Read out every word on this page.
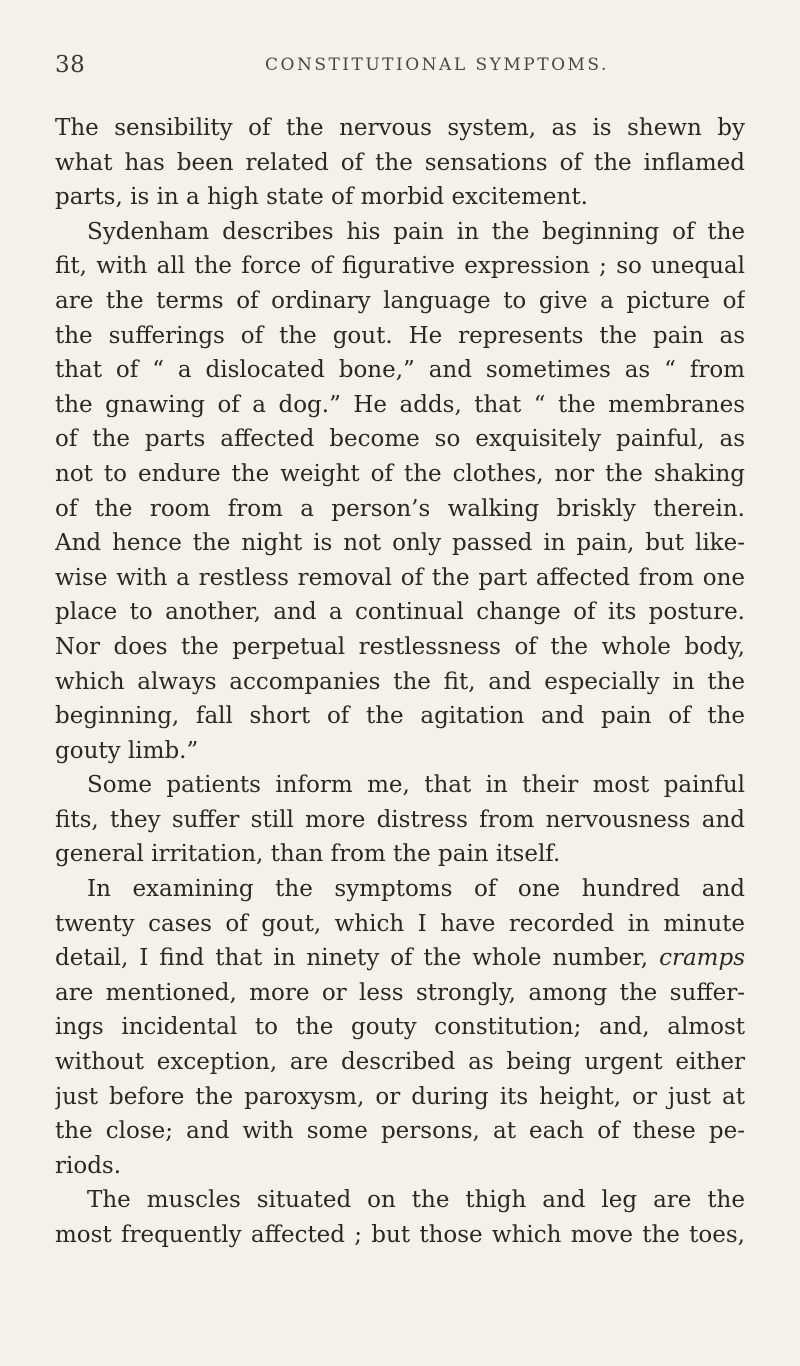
38	CONSTITUTIONAL SYMPTOMS.
The sensibility of the nervous system, as is shewn by
what has been related of the sensations of the inflamed
parts, is in a high state of morbid excitement.
Sydenham describes his pain in the beginning of the
fit, with all the force of figurative expression ; so unequal
are the terms of ordinary language to give a picture of
the sufferings of the gout. He represents the pain as
that of “ a dislocated bone,” and sometimes as “ from
the gnawing of a dog.” He adds, that “ the membranes
of the parts affected become so exquisitely painful, as
not to endure the weight of the clothes, nor the shaking
of the room from a person’s walking briskly therein.
And hence the night is not only passed in pain, but like-
wise with a restless removal of the part affected from one
place to another, and a continual change of its posture.
Nor does the perpetual restlessness of the whole body,
which always accompanies the fit, and especially in the
beginning, fall short of the agitation and pain of the
gouty limb.”
Some patients inform me, that in their most painful
fits, they suffer still more distress from nervousness and
general irritation, than from the pain itself.
In examining the symptoms of one hundred and
twenty cases of gout, which I have recorded in minute
detail, I find that in ninety of the whole number, cramps
are mentioned, more or less strongly, among the suffer-
ings incidental to the gouty constitution; and, almost
without exception, are described as being urgent either
just before the paroxysm, or during its height, or just at
the close; and with some persons, at each of these pe-
riods.
The muscles situated on the thigh and leg are the
most frequently affected ; but those which move the toes,
